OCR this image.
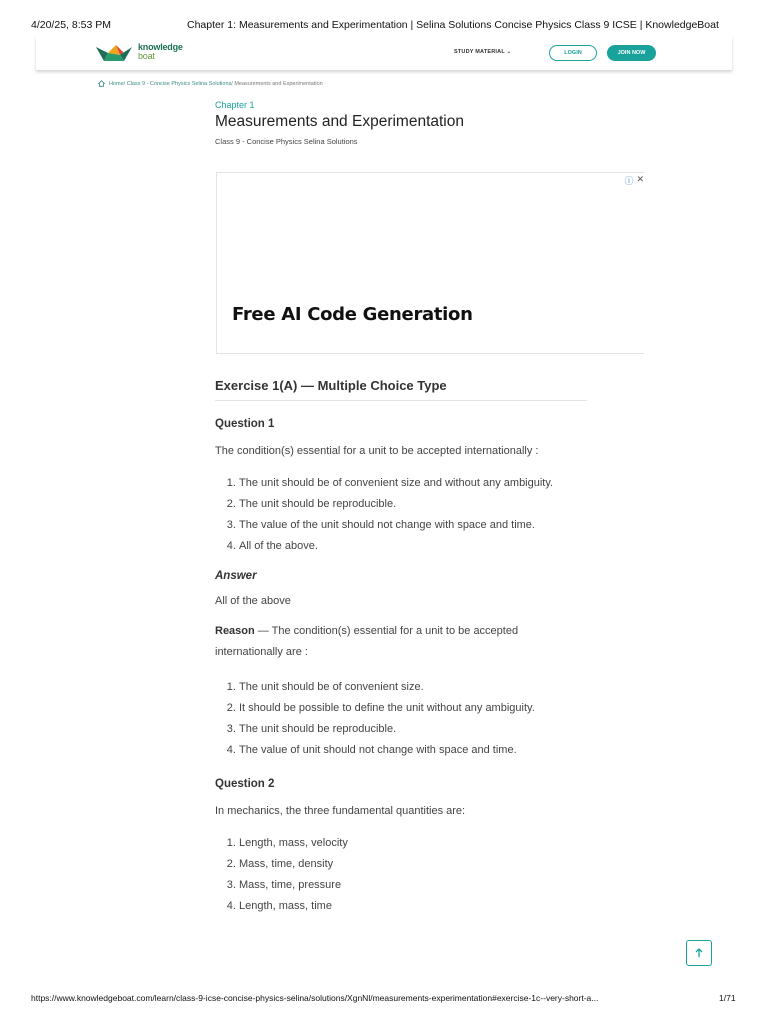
4/20/25, 8:53 PM	Chapter 1: Measurements and Experimentation | Selina Solutions Concise Physics Class 9 ICSE | KnowledgeBoat
knowledge
boat	STUDY MATERIAL ⌄	LOGIN	JOIN NOW
Home / Class 9 - Concise Physics Selina Solutions / Measurements and Experimentation
Chapter 1
Measurements and Experimentation
Class 9 - Concise Physics Selina Solutions
ⓘ ✕
Free AI Code Generation
Exercise 1(A) — Multiple Choice Type
Question 1

The condition(s) essential for a unit to be accepted internationally :

1. The unit should be of convenient size and without any ambiguity.
2. The unit should be reproducible.
3. The value of the unit should not change with space and time.
4. All of the above.
Answer
All of the above

Reason — The condition(s) essential for a unit to be accepted internationally are :

1. The unit should be of convenient size.
2. It should be possible to define the unit without any ambiguity.
3. The unit should be reproducible.
4. The value of unit should not change with space and time.
Question 2

In mechanics, the three fundamental quantities are:

1. Length, mass, velocity
2. Mass, time, density
3. Mass, time, pressure
4. Length, mass, time
https://www.knowledgeboat.com/learn/class-9-icse-concise-physics-selina/solutions/XgnNl/measurements-experimentation#exercise-1c--very-short-a...	1/71
